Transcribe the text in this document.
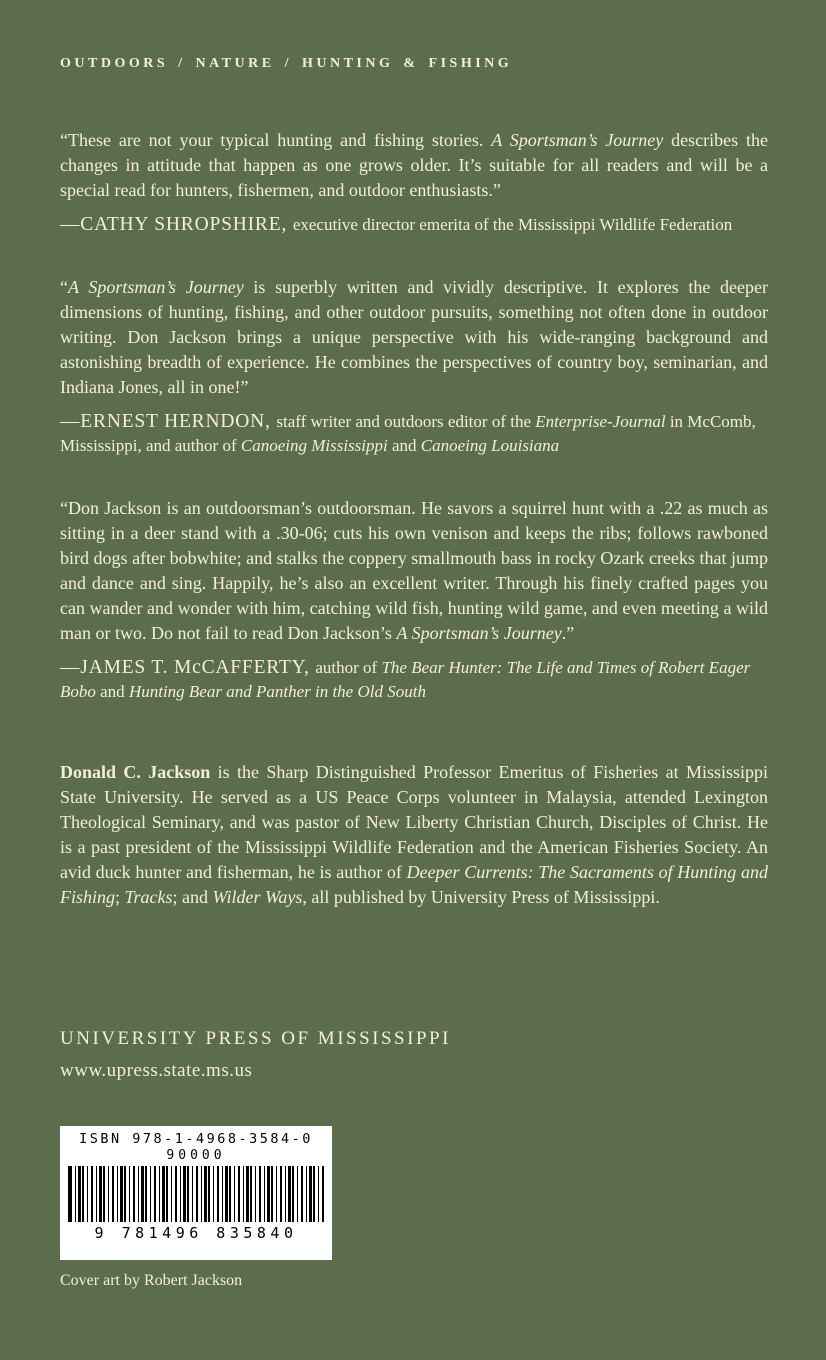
OUTDOORS / NATURE / HUNTING & FISHING

“These are not your typical hunting and fishing stories. A Sportsman’s Journey describes the changes in attitude that happen as one grows older. It’s suitable for all readers and will be a special read for hunters, fishermen, and outdoor enthusiasts.”

—CATHY SHROPSHIRE, executive director emerita of the Mississippi Wildlife Federation

“A Sportsman’s Journey is superbly written and vividly descriptive. It explores the deeper dimensions of hunting, fishing, and other outdoor pursuits, something not often done in outdoor writing. Don Jackson brings a unique perspective with his wide-ranging background and astonishing breadth of experience. He combines the perspectives of country boy, seminarian, and Indiana Jones, all in one!”

—ERNEST HERNDON, staff writer and outdoors editor of the Enterprise-Journal in McComb, Mississippi, and author of Canoeing Mississippi and Canoeing Louisiana

“Don Jackson is an outdoorsman’s outdoorsman. He savors a squirrel hunt with a .22 as much as sitting in a deer stand with a .30-06; cuts his own venison and keeps the ribs; follows rawboned bird dogs after bobwhite; and stalks the coppery smallmouth bass in rocky Ozark creeks that jump and dance and sing. Happily, he’s also an excellent writer. Through his finely crafted pages you can wander and wonder with him, catching wild fish, hunting wild game, and even meeting a wild man or two. Do not fail to read Don Jackson’s A Sportsman’s Journey.”

—JAMES T. McCAFFERTY, author of The Bear Hunter: The Life and Times of Robert Eager Bobo and Hunting Bear and Panther in the Old South

Donald C. Jackson is the Sharp Distinguished Professor Emeritus of Fisheries at Mississippi State University. He served as a US Peace Corps volunteer in Malaysia, attended Lexington Theological Seminary, and was pastor of New Liberty Christian Church, Disciples of Christ. He is a past president of the Mississippi Wildlife Federation and the American Fisheries Society. An avid duck hunter and fisherman, he is author of Deeper Currents: The Sacraments of Hunting and Fishing; Tracks; and Wilder Ways, all published by University Press of Mississippi.

UNIVERSITY PRESS OF MISSISSIPPI
www.upress.state.ms.us
ISBN 978-1-4968-3584-0
90000
9 781496 835840
Cover art by Robert Jackson
